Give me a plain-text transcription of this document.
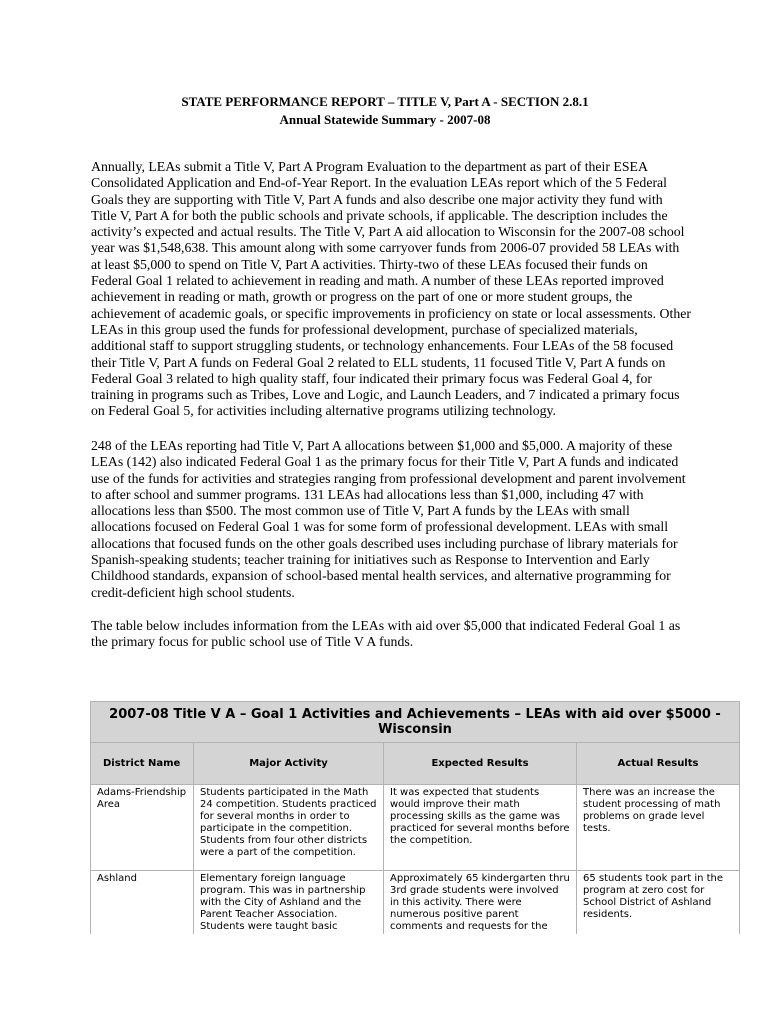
STATE PERFORMANCE REPORT – TITLE V, Part A - SECTION 2.8.1
Annual Statewide Summary - 2007-08

Annually, LEAs submit a Title V, Part A Program Evaluation to the department as part of their ESEA Consolidated Application and End-of-Year Report. In the evaluation LEAs report which of the 5 Federal Goals they are supporting with Title V, Part A funds and also describe one major activity they fund with Title V, Part A for both the public schools and private schools, if applicable. The description includes the activity’s expected and actual results. The Title V, Part A aid allocation to Wisconsin for the 2007-08 school year was $1,548,638. This amount along with some carryover funds from 2006-07 provided 58 LEAs with at least $5,000 to spend on Title V, Part A activities. Thirty-two of these LEAs focused their funds on Federal Goal 1 related to achievement in reading and math. A number of these LEAs reported improved achievement in reading or math, growth or progress on the part of one or more student groups, the achievement of academic goals, or specific improvements in proficiency on state or local assessments. Other LEAs in this group used the funds for professional development, purchase of specialized materials, additional staff to support struggling students, or technology enhancements. Four LEAs of the 58 focused their Title V, Part A funds on Federal Goal 2 related to ELL students, 11 focused Title V, Part A funds on Federal Goal 3 related to high quality staff, four indicated their primary focus was Federal Goal 4, for training in programs such as Tribes, Love and Logic, and Launch Leaders, and 7 indicated a primary focus on Federal Goal 5, for activities including alternative programs utilizing technology.

248 of the LEAs reporting had Title V, Part A allocations between $1,000 and $5,000. A majority of these LEAs (142) also indicated Federal Goal 1 as the primary focus for their Title V, Part A funds and indicated use of the funds for activities and strategies ranging from professional development and parent involvement to after school and summer programs. 131 LEAs had allocations less than $1,000, including 47 with allocations less than $500. The most common use of Title V, Part A funds by the LEAs with small allocations focused on Federal Goal 1 was for some form of professional development. LEAs with small allocations that focused funds on the other goals described uses including purchase of library materials for Spanish-speaking students; teacher training for initiatives such as Response to Intervention and Early Childhood standards, expansion of school-based mental health services, and alternative programming for credit-deficient high school students.

The table below includes information from the LEAs with aid over $5,000 that indicated Federal Goal 1 as the primary focus for public school use of Title V A funds.

2007-08 Title V A – Goal 1 Activities and Achievements – LEAs with aid over $5000 - Wisconsin			
District Name	Major Activity	Expected Results	Actual Results
Adams-Friendship Area	Students participated in the Math 24 competition. Students practiced for several months in order to participate in the competition. Students from four other districts were a part of the competition.	It was expected that students would improve their math processing skills as the game was practiced for several months before the competition.	There was an increase the student processing of math problems on grade level tests.

Ashland	Elementary foreign language program. This was in partnership with the City of Ashland and the Parent Teacher Association. Students were taught basic	Approximately 65 kindergarten thru 3rd grade students were involved in this activity. There were numerous positive parent comments and requests for the	65 students took part in the program at zero cost for School District of Ashland residents.
